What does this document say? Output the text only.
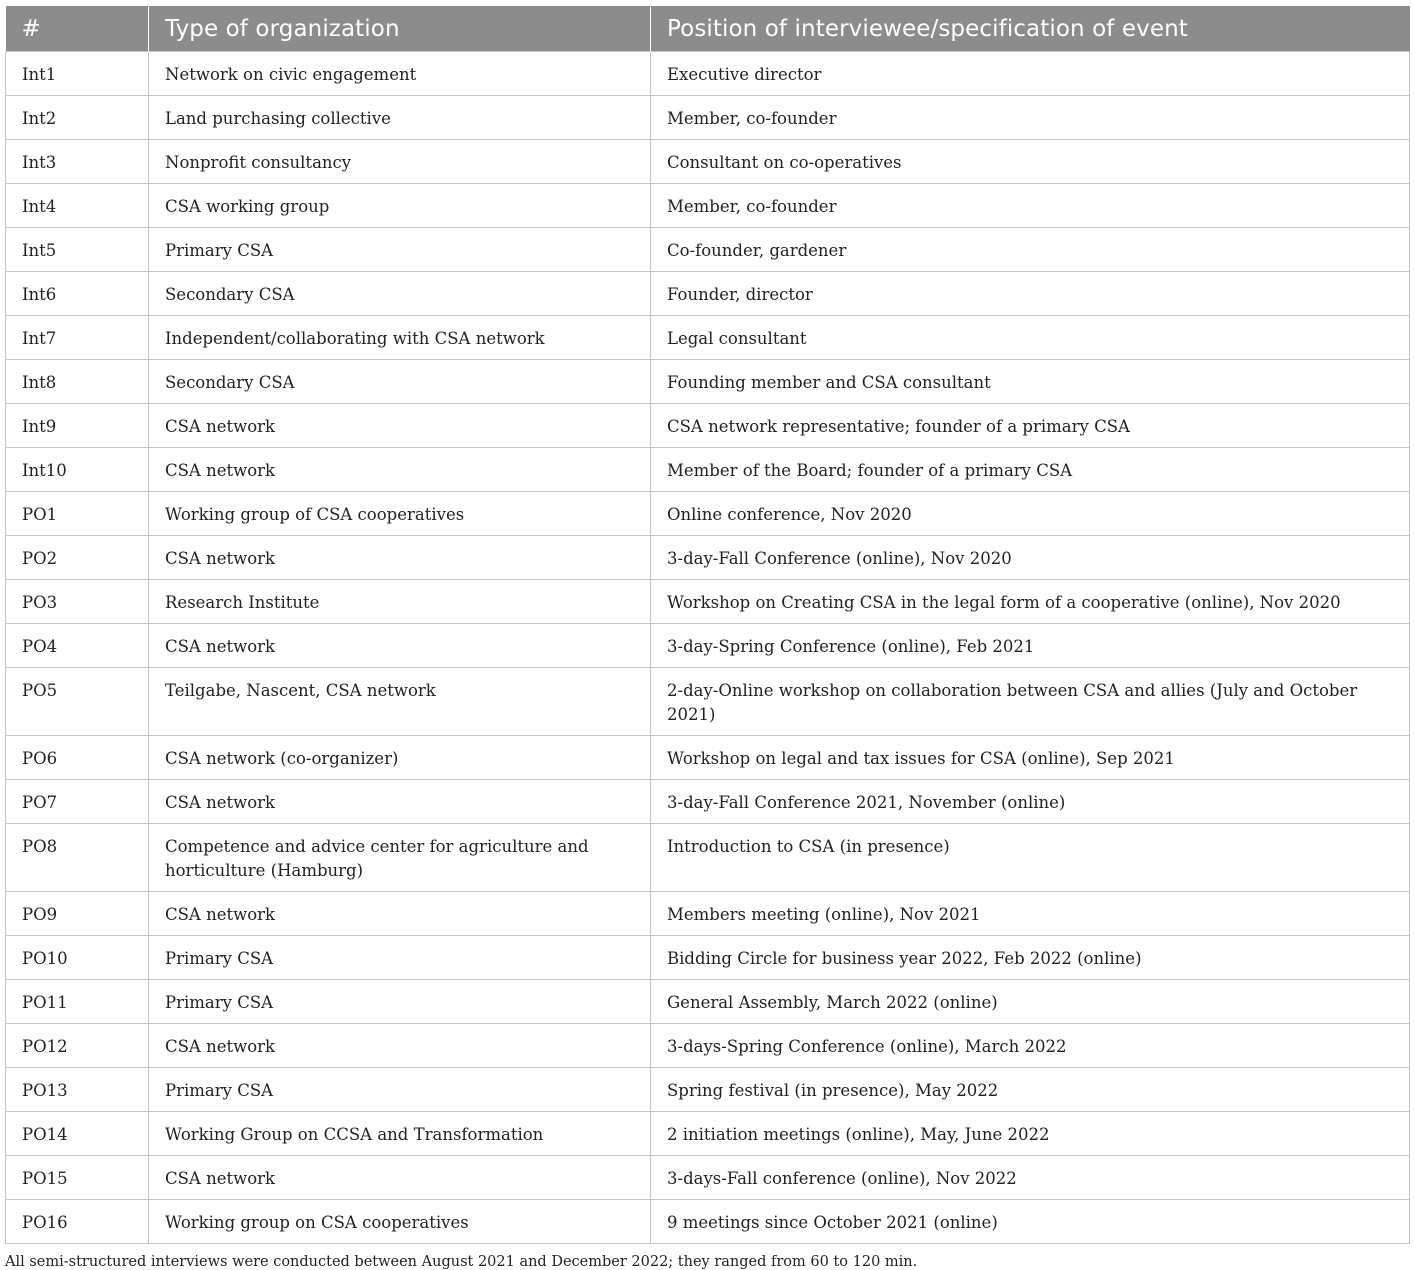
#	Type of organization	Position of interviewee/specification of event
Int1	Network on civic engagement	Executive director
Int2	Land purchasing collective	Member, co-founder
Int3	Nonprofit consultancy	Consultant on co-operatives
Int4	CSA working group	Member, co-founder
Int5	Primary CSA	Co-founder, gardener
Int6	Secondary CSA	Founder, director
Int7	Independent/collaborating with CSA network	Legal consultant
Int8	Secondary CSA	Founding member and CSA consultant
Int9	CSA network	CSA network representative; founder of a primary CSA
Int10	CSA network	Member of the Board; founder of a primary CSA
PO1	Working group of CSA cooperatives	Online conference, Nov 2020
PO2	CSA network	3-day-Fall Conference (online), Nov 2020
PO3	Research Institute	Workshop on Creating CSA in the legal form of a cooperative (online), Nov 2020
PO4	CSA network	3-day-Spring Conference (online), Feb 2021
PO5	Teilgabe, Nascent, CSA network	2-day-Online workshop on collaboration between CSA and allies (July and October 2021)
PO6	CSA network (co-organizer)	Workshop on legal and tax issues for CSA (online), Sep 2021
PO7	CSA network	3-day-Fall Conference 2021, November (online)
PO8	Competence and advice center for agriculture and horticulture (Hamburg)	Introduction to CSA (in presence)
PO9	CSA network	Members meeting (online), Nov 2021
PO10	Primary CSA	Bidding Circle for business year 2022, Feb 2022 (online)
PO11	Primary CSA	General Assembly, March 2022 (online)
PO12	CSA network	3-days-Spring Conference (online), March 2022
PO13	Primary CSA	Spring festival (in presence), May 2022
PO14	Working Group on CCSA and Transformation	2 initiation meetings (online), May, June 2022
PO15	CSA network	3-days-Fall conference (online), Nov 2022
PO16	Working group on CSA cooperatives	9 meetings since October 2021 (online)
All semi-structured interviews were conducted between August 2021 and December 2022; they ranged from 60 to 120 min.
